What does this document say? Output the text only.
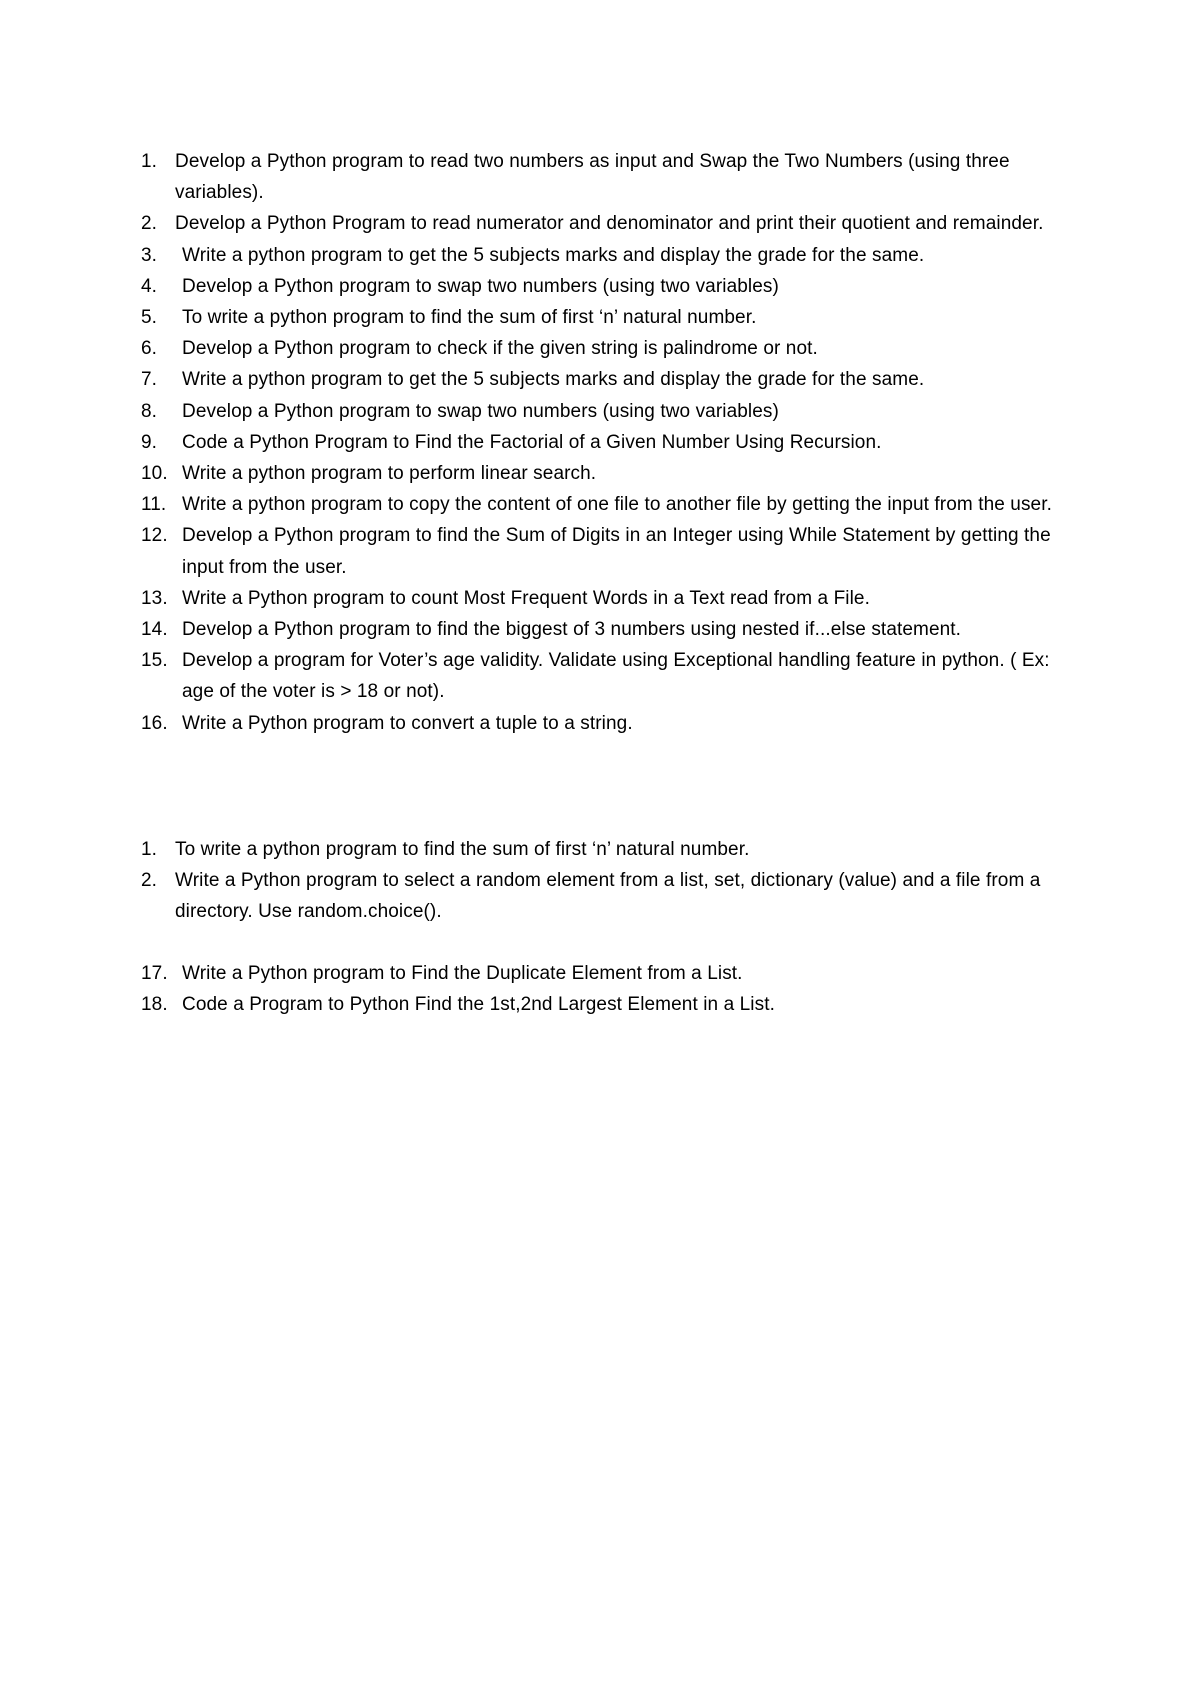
1. Develop a Python program to read two numbers as input and Swap the Two Numbers (using three variables).
2. Develop a Python Program to read numerator and denominator and print their quotient and remainder.
3. Write a python program to get the 5 subjects marks and display the grade for the same.
4. Develop a Python program to swap two numbers (using two variables)
5. To write a python program to find the sum of first ‘n’ natural number.
6. Develop a Python program to check if the given string is palindrome or not.
7. Write a python program to get the 5 subjects marks and display the grade for the same.
8. Develop a Python program to swap two numbers (using two variables)
9. Code a Python Program to Find the Factorial of a Given Number Using Recursion.
10. Write a python program to perform linear search.
11. Write a python program to copy the content of one file to another file by getting the input from the user.
12. Develop a Python program to find the Sum of Digits in an Integer using While Statement by getting the input from the user.
13. Write a Python program to count Most Frequent Words in a Text read from a File.
14. Develop a Python program to find the biggest of 3 numbers using nested if...else statement.
15. Develop a program for Voter’s age validity. Validate using Exceptional handling feature in python. ( Ex: age of the voter is > 18 or not).
16. Write a Python program to convert a tuple to a string.
1. To write a python program to find the sum of first ‘n’ natural number.
2. Write a Python program to select a random element from a list, set, dictionary (value) and a file from a directory. Use random.choice().
17. Write a Python program to Find the Duplicate Element from a List.
18. Code a Program to Python Find the 1st,2nd Largest Element in a List.
